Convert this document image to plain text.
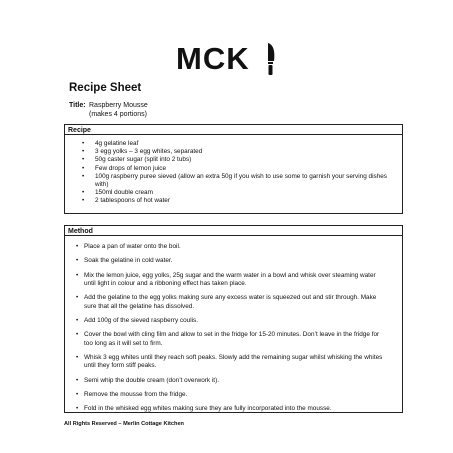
MCK
Recipe Sheet
Title: Raspberry Mousse
(makes 4 portions)
Recipe
• 4g gelatine leaf
• 3 egg yolks – 3 egg whites, separated
• 50g caster sugar (split into 2 tubs)
• Few drops of lemon juice
• 100g raspberry puree sieved (allow an extra 50g if you wish to use some to garnish your serving dishes with)
• 150ml double cream
• 2 tablespoons of hot water
Method
• Place a pan of water onto the boil.
• Soak the gelatine in cold water.
• Mix the lemon juice, egg yolks, 25g sugar and the warm water in a bowl and whisk over steaming water until light in colour and a ribboning effect has taken place.
• Add the gelatine to the egg yolks making sure any excess water is squeezed out and stir through. Make sure that all the gelatine has dissolved.
• Add 100g of the sieved raspberry coulis.
• Cover the bowl with cling film and allow to set in the fridge for 15-20 minutes. Don’t leave in the fridge for too long as it will set to firm.
• Whisk 3 egg whites until they reach soft peaks. Slowly add the remaining sugar whilst whisking the whites until they form stiff peaks.
• Semi whip the double cream (don’t overwork it).
• Remove the mousse from the fridge.
• Fold in the whisked egg whites making sure they are fully incorporated into the mousse.
All Rights Reserved – Merlin Cottage Kitchen
